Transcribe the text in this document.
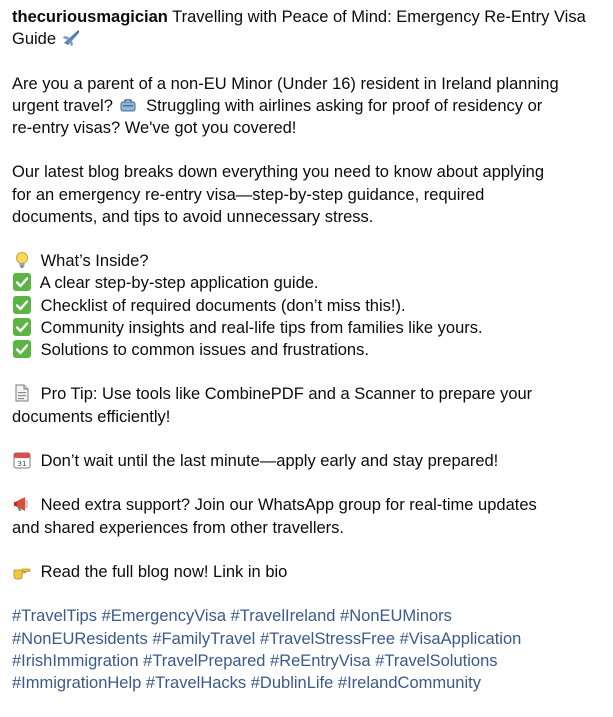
thecuriousmagician Travelling with Peace of Mind: Emergency Re-Entry Visa
Guide
Are you a parent of a non-EU Minor (Under 16) resident in Ireland planning
urgent travel? Struggling with airlines asking for proof of residency or
re-entry visas? We've got you covered!
Our latest blog breaks down everything you need to know about applying
for an emergency re-entry visa—step-by-step guidance, required
documents, and tips to avoid unnecessary stress.
What’s Inside?
A clear step-by-step application guide.
Checklist of required documents (don’t miss this!).
Community insights and real-life tips from families like yours.
Solutions to common issues and frustrations.
Pro Tip: Use tools like CombinePDF and a Scanner to prepare your
documents efficiently!
31 Don’t wait until the last minute—apply early and stay prepared!
Need extra support? Join our WhatsApp group for real-time updates
and shared experiences from other travellers.
Read the full blog now! Link in bio
#TravelTips #EmergencyVisa #TravelIreland #NonEUMinors
#NonEUResidents #FamilyTravel #TravelStressFree #VisaApplication
#IrishImmigration #TravelPrepared #ReEntryVisa #TravelSolutions
#ImmigrationHelp #TravelHacks #DublinLife #IrelandCommunity
